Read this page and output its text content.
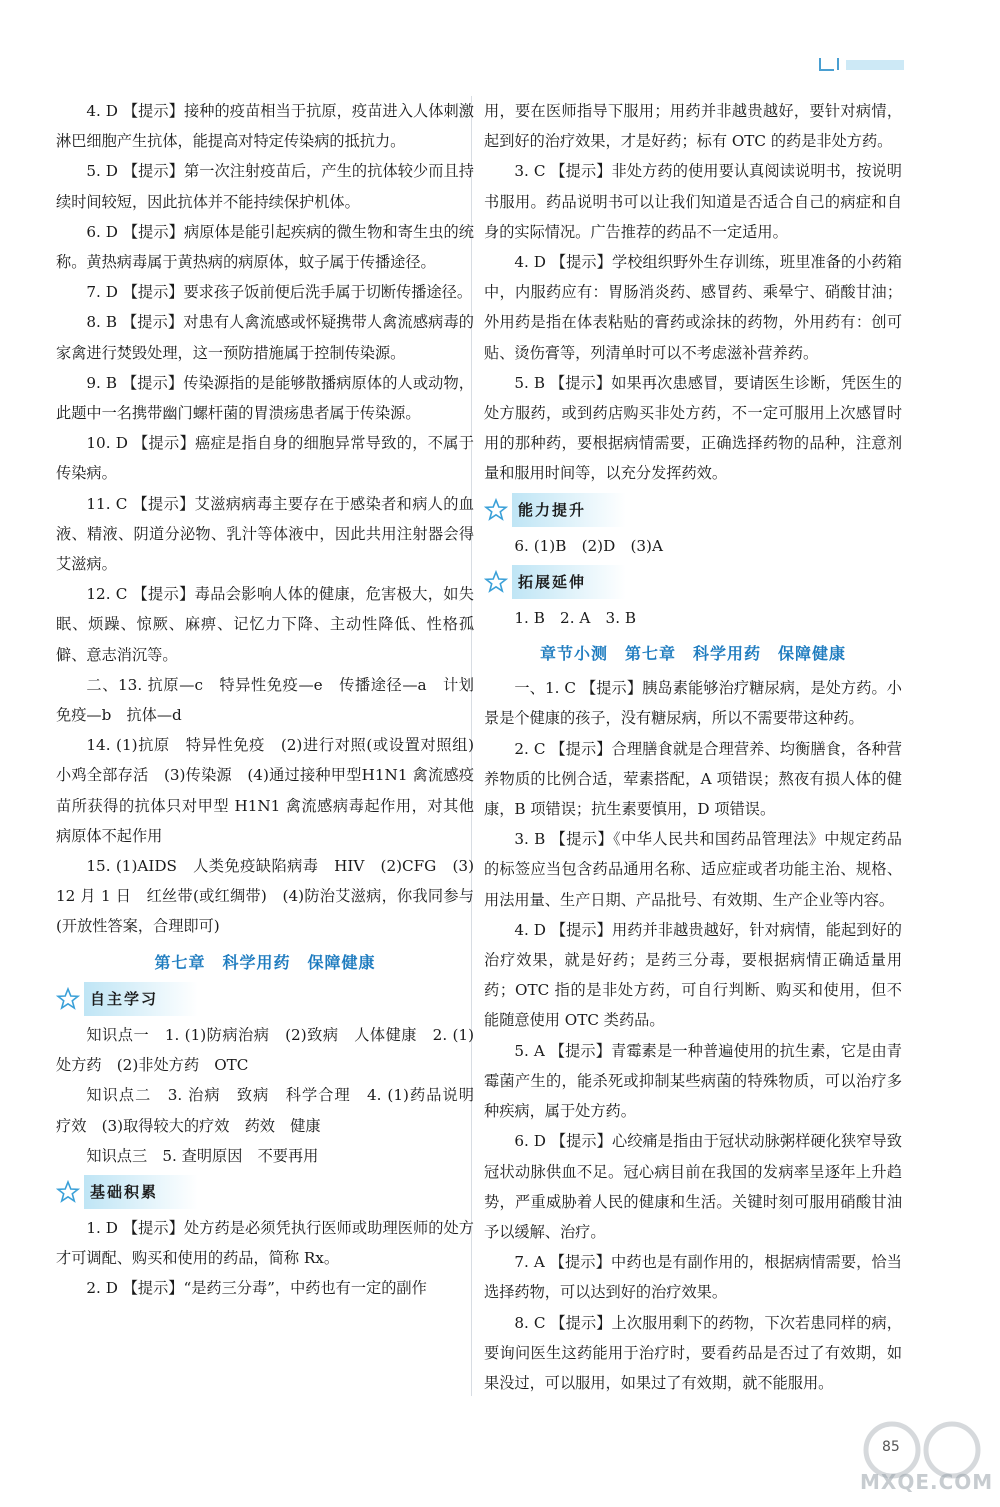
4. D 【提示】接种的疫苗相当于抗原，疫苗进入人体刺激淋巴细胞产生抗体，能提高对特定传染病的抵抗力。

5. D 【提示】第一次注射疫苗后，产生的抗体较少而且持续时间较短，因此抗体并不能持续保护机体。

6. D 【提示】病原体是能引起疾病的微生物和寄生虫的统称。黄热病毒属于黄热病的病原体，蚊子属于传播途径。

7. D 【提示】要求孩子饭前便后洗手属于切断传播途径。

8. B 【提示】对患有人禽流感或怀疑携带人禽流感病毒的家禽进行焚毁处理，这一预防措施属于控制传染源。

9. B 【提示】传染源指的是能够散播病原体的人或动物，此题中一名携带幽门螺杆菌的胃溃疡患者属于传染源。

10. D 【提示】癌症是指自身的细胞异常导致的，不属于传染病。

11. C 【提示】艾滋病病毒主要存在于感染者和病人的血液、精液、阴道分泌物、乳汁等体液中，因此共用注射器会得艾滋病。

12. C 【提示】毒品会影响人体的健康，危害极大，如失眠、烦躁、惊厥、麻痹、记忆力下降、主动性降低、性格孤僻、意志消沉等。

二、13. 抗原—c　特异性免疫—e　传播途径—a　计划免疫—b　抗体—d

14. (1)抗原　特异性免疫　(2)进行对照(或设置对照组)　小鸡全部存活　(3)传染源　(4)通过接种甲型H1N1 禽流感疫苗所获得的抗体只对甲型 H1N1 禽流感病毒起作用，对其他病原体不起作用

15. (1)AIDS　人类免疫缺陷病毒　HIV　(2)CFG　(3)12 月 1 日　红丝带(或红绸带)　(4)防治艾滋病，你我同参与(开放性答案，合理即可)

第七章　科学用药　保障健康
自主学习

知识点一　1. (1)防病治病　(2)致病　人体健康　2. (1)处方药　(2)非处方药　OTC

知识点二　3. 治病　致病　科学合理　4. (1)药品说明　疗效　(3)取得较大的疗效　药效　健康

知识点三　5. 查明原因　不要再用

基础积累

1. D 【提示】处方药是必须凭执行医师或助理医师的处方才可调配、购买和使用的药品，简称 Rx。

2. D 【提示】“是药三分毒”，中药也有一定的副作

用，要在医师指导下服用；用药并非越贵越好，要针对病情，起到好的治疗效果，才是好药；标有 OTC 的药是非处方药。

3. C 【提示】非处方药的使用要认真阅读说明书，按说明书服用。药品说明书可以让我们知道是否适合自己的病症和自身的实际情况。广告推荐的药品不一定适用。

4. D 【提示】学校组织野外生存训练，班里准备的小药箱中，内服药应有：胃肠消炎药、感冒药、乘晕宁、硝酸甘油；外用药是指在体表粘贴的膏药或涂抹的药物，外用药有：创可贴、烫伤膏等，列清单时可以不考虑滋补营养药。

5. B 【提示】如果再次患感冒，要请医生诊断，凭医生的处方服药，或到药店购买非处方药，不一定可服用上次感冒时用的那种药，要根据病情需要，正确选择药物的品种，注意剂量和服用时间等，以充分发挥药效。

能力提升

6. (1)B　(2)D　(3)A

拓展延伸

1. B　2. A　3. B

章节小测　第七章　科学用药　保障健康

一、1. C 【提示】胰岛素能够治疗糖尿病，是处方药。小景是个健康的孩子，没有糖尿病，所以不需要带这种药。

2. C 【提示】合理膳食就是合理营养、均衡膳食，各种营养物质的比例合适，荤素搭配，A 项错误；熬夜有损人体的健康，B 项错误；抗生素要慎用，D 项错误。

3. B 【提示】《中华人民共和国药品管理法》中规定药品的标签应当包含药品通用名称、适应症或者功能主治、规格、用法用量、生产日期、产品批号、有效期、生产企业等内容。

4. D 【提示】用药并非越贵越好，针对病情，能起到好的治疗效果，就是好药；是药三分毒，要根据病情正确适量用药；OTC 指的是非处方药，可自行判断、购买和使用，但不能随意使用 OTC 类药品。

5. A 【提示】青霉素是一种普遍使用的抗生素，它是由青霉菌产生的，能杀死或抑制某些病菌的特殊物质，可以治疗多种疾病，属于处方药。

6. D 【提示】心绞痛是指由于冠状动脉粥样硬化狭窄导致冠状动脉供血不足。冠心病目前在我国的发病率呈逐年上升趋势，严重威胁着人民的健康和生活。关键时刻可服用硝酸甘油予以缓解、治疗。

7. A 【提示】中药也是有副作用的，根据病情需要，恰当选择药物，可以达到好的治疗效果。

8. C 【提示】上次服用剩下的药物，下次若患同样的病，要询问医生这药能用于治疗时，要看药品是否过了有效期，如果没过，可以服用，如果过了有效期，就不能服用。

MXQE.COM
85
